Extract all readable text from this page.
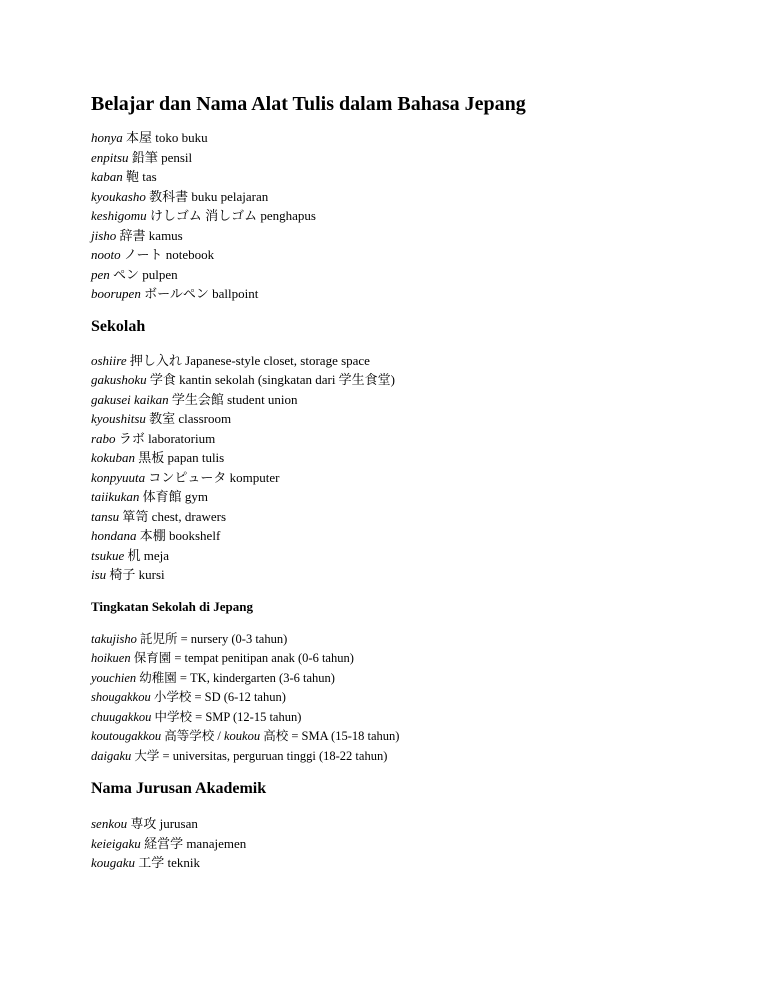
Belajar dan Nama Alat Tulis dalam Bahasa Jepang
honya 本屋 toko buku
enpitsu 鉛筆 pensil
kaban 鞄 tas
kyoukasho 教科書 buku pelajaran
keshigomu けしゴム 消しゴム penghapus
jisho 辞書 kamus
nooto ノート notebook
pen ペン pulpen
boorupen ボールペン ballpoint
Sekolah
oshiire 押し入れ Japanese-style closet, storage space
gakushoku 学食 kantin sekolah (singkatan dari 学生食堂)
gakusei kaikan 学生会館 student union
kyoushitsu 教室 classroom
rabo ラボ laboratorium
kokuban 黒板 papan tulis
konpyuuta コンピュータ komputer
taiikukan 体育館 gym
tansu 箪笥 chest, drawers
hondana 本棚 bookshelf
tsukue 机 meja
isu 椅子 kursi
Tingkatan Sekolah di Jepang
takujisho 託児所 = nursery (0-3 tahun)
hoikuen 保育園 = tempat penitipan anak (0-6 tahun)
youchien 幼稚園 = TK, kindergarten (3-6 tahun)
shougakkou 小学校 = SD (6-12 tahun)
chuugakkou 中学校 = SMP (12-15 tahun)
koutougakkou 高等学校 / koukou 高校 = SMA (15-18 tahun)
daigaku 大学 = universitas, perguruan tinggi (18-22 tahun)
Nama Jurusan Akademik
senkou 専攻 jurusan
keieigaku 経営学 manajemen
kougaku 工学 teknik
